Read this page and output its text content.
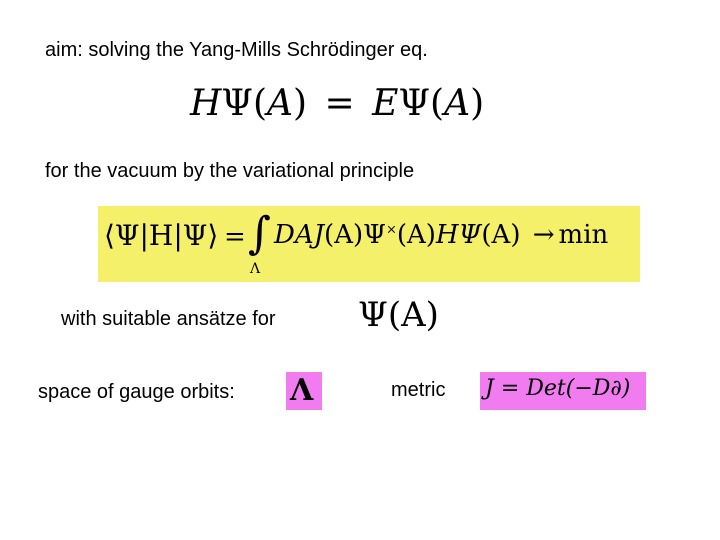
aim: solving the Yang-Mills Schrödinger eq.
HΨ(A) = EΨ(A)
for the vacuum by the variational principle
⟨Ψ|H|Ψ⟩ = ∫
Λ
DAJ(A)Ψ×(A)HΨ(A) → min
with suitable ansätze for Ψ(A)
space of gauge orbits: Λ	metric J = Det(−D∂)
